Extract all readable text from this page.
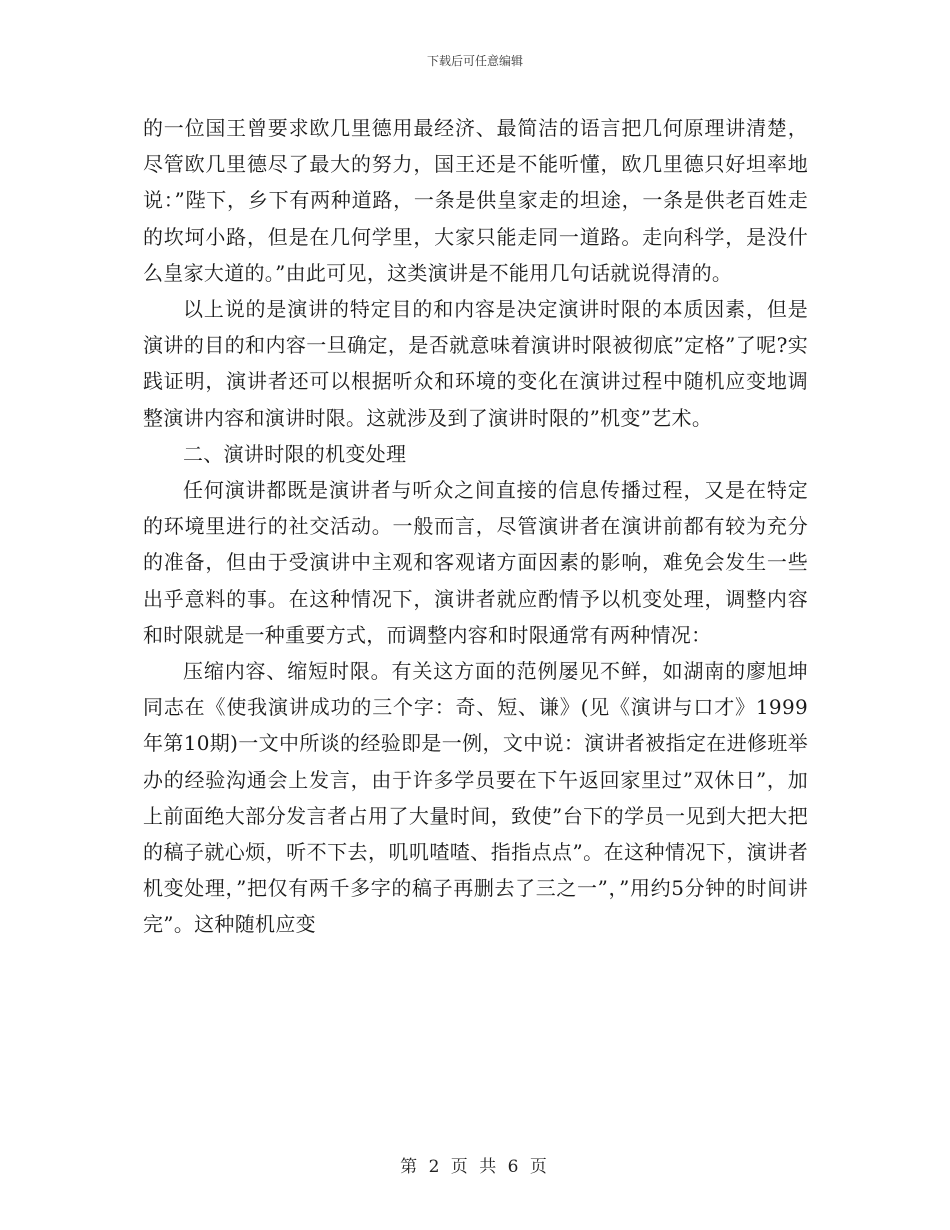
下载后可任意编辑

的一位国王曾要求欧几里德用最经济、最简洁的语言把几何原理讲清楚，尽管欧几里德尽了最大的努力，国王还是不能听懂，欧几里德只好坦率地说：”陛下，乡下有两种道路，一条是供皇家走的坦途，一条是供老百姓走的坎坷小路，但是在几何学里，大家只能走同一道路。走向科学，是没什么皇家大道的。”由此可见，这类演讲是不能用几句话就说得清的。

以上说的是演讲的特定目的和内容是决定演讲时限的本质因素，但是演讲的目的和内容一旦确定，是否就意味着演讲时限被彻底”定格”了呢?实践证明，演讲者还可以根据听众和环境的变化在演讲过程中随机应变地调整演讲内容和演讲时限。这就涉及到了演讲时限的”机变”艺术。

二、演讲时限的机变处理

任何演讲都既是演讲者与听众之间直接的信息传播过程，又是在特定的环境里进行的社交活动。一般而言，尽管演讲者在演讲前都有较为充分的准备，但由于受演讲中主观和客观诸方面因素的影响，难免会发生一些出乎意料的事。在这种情况下，演讲者就应酌情予以机变处理，调整内容和时限就是一种重要方式，而调整内容和时限通常有两种情况：

压缩内容、缩短时限。有关这方面的范例屡见不鲜，如湖南的廖旭坤同志在《使我演讲成功的三个字：奇、短、谦》(见《演讲与口才》1999年第10期)一文中所谈的经验即是一例，文中说：演讲者被指定在进修班举办的经验沟通会上发言，由于许多学员要在下午返回家里过”双休日”，加上前面绝大部分发言者占用了大量时间，致使”台下的学员一见到大把大把的稿子就心烦，听不下去，叽叽喳喳、指指点点”。在这种情况下，演讲者机变处理，”把仅有两千多字的稿子再删去了三之一”，”用约5分钟的时间讲完”。这种随机应变

第 2 页 共 6 页
